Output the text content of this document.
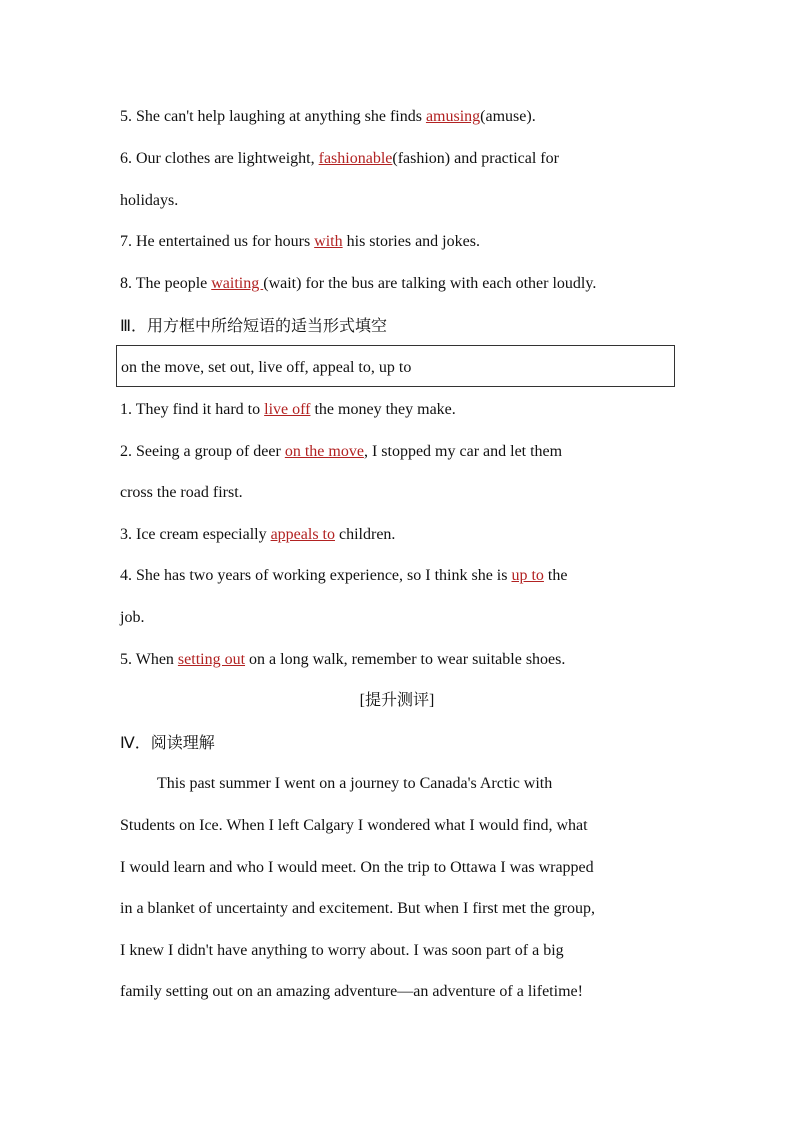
5. She can't help laughing at anything she finds amusing(amuse).
6. Our clothes are lightweight, fashionable(fashion) and practical for
holidays.
7. He entertained us for hours with his stories and jokes.
8. The people waiting (wait) for the bus are talking with each other loudly.
Ⅲ．用方框中所给短语的适当形式填空
on the move, set out, live off, appeal to, up to
1. They find it hard to live off the money they make.
2. Seeing a group of deer on the move, I stopped my car and let them
cross the road first.
3. Ice cream especially appeals to children.
4. She has two years of working experience, so I think she is up to the
job.
5. When setting out on a long walk, remember to wear suitable shoes.
[提升测评]
Ⅳ．阅读理解
This past summer I went on a journey to Canada's Arctic with
Students on Ice. When I left Calgary I wondered what I would find, what
I would learn and who I would meet. On the trip to Ottawa I was wrapped
in a blanket of uncertainty and excitement. But when I first met the group,
I knew I didn't have anything to worry about. I was soon part of a big
family setting out on an amazing adventure—an adventure of a lifetime!
